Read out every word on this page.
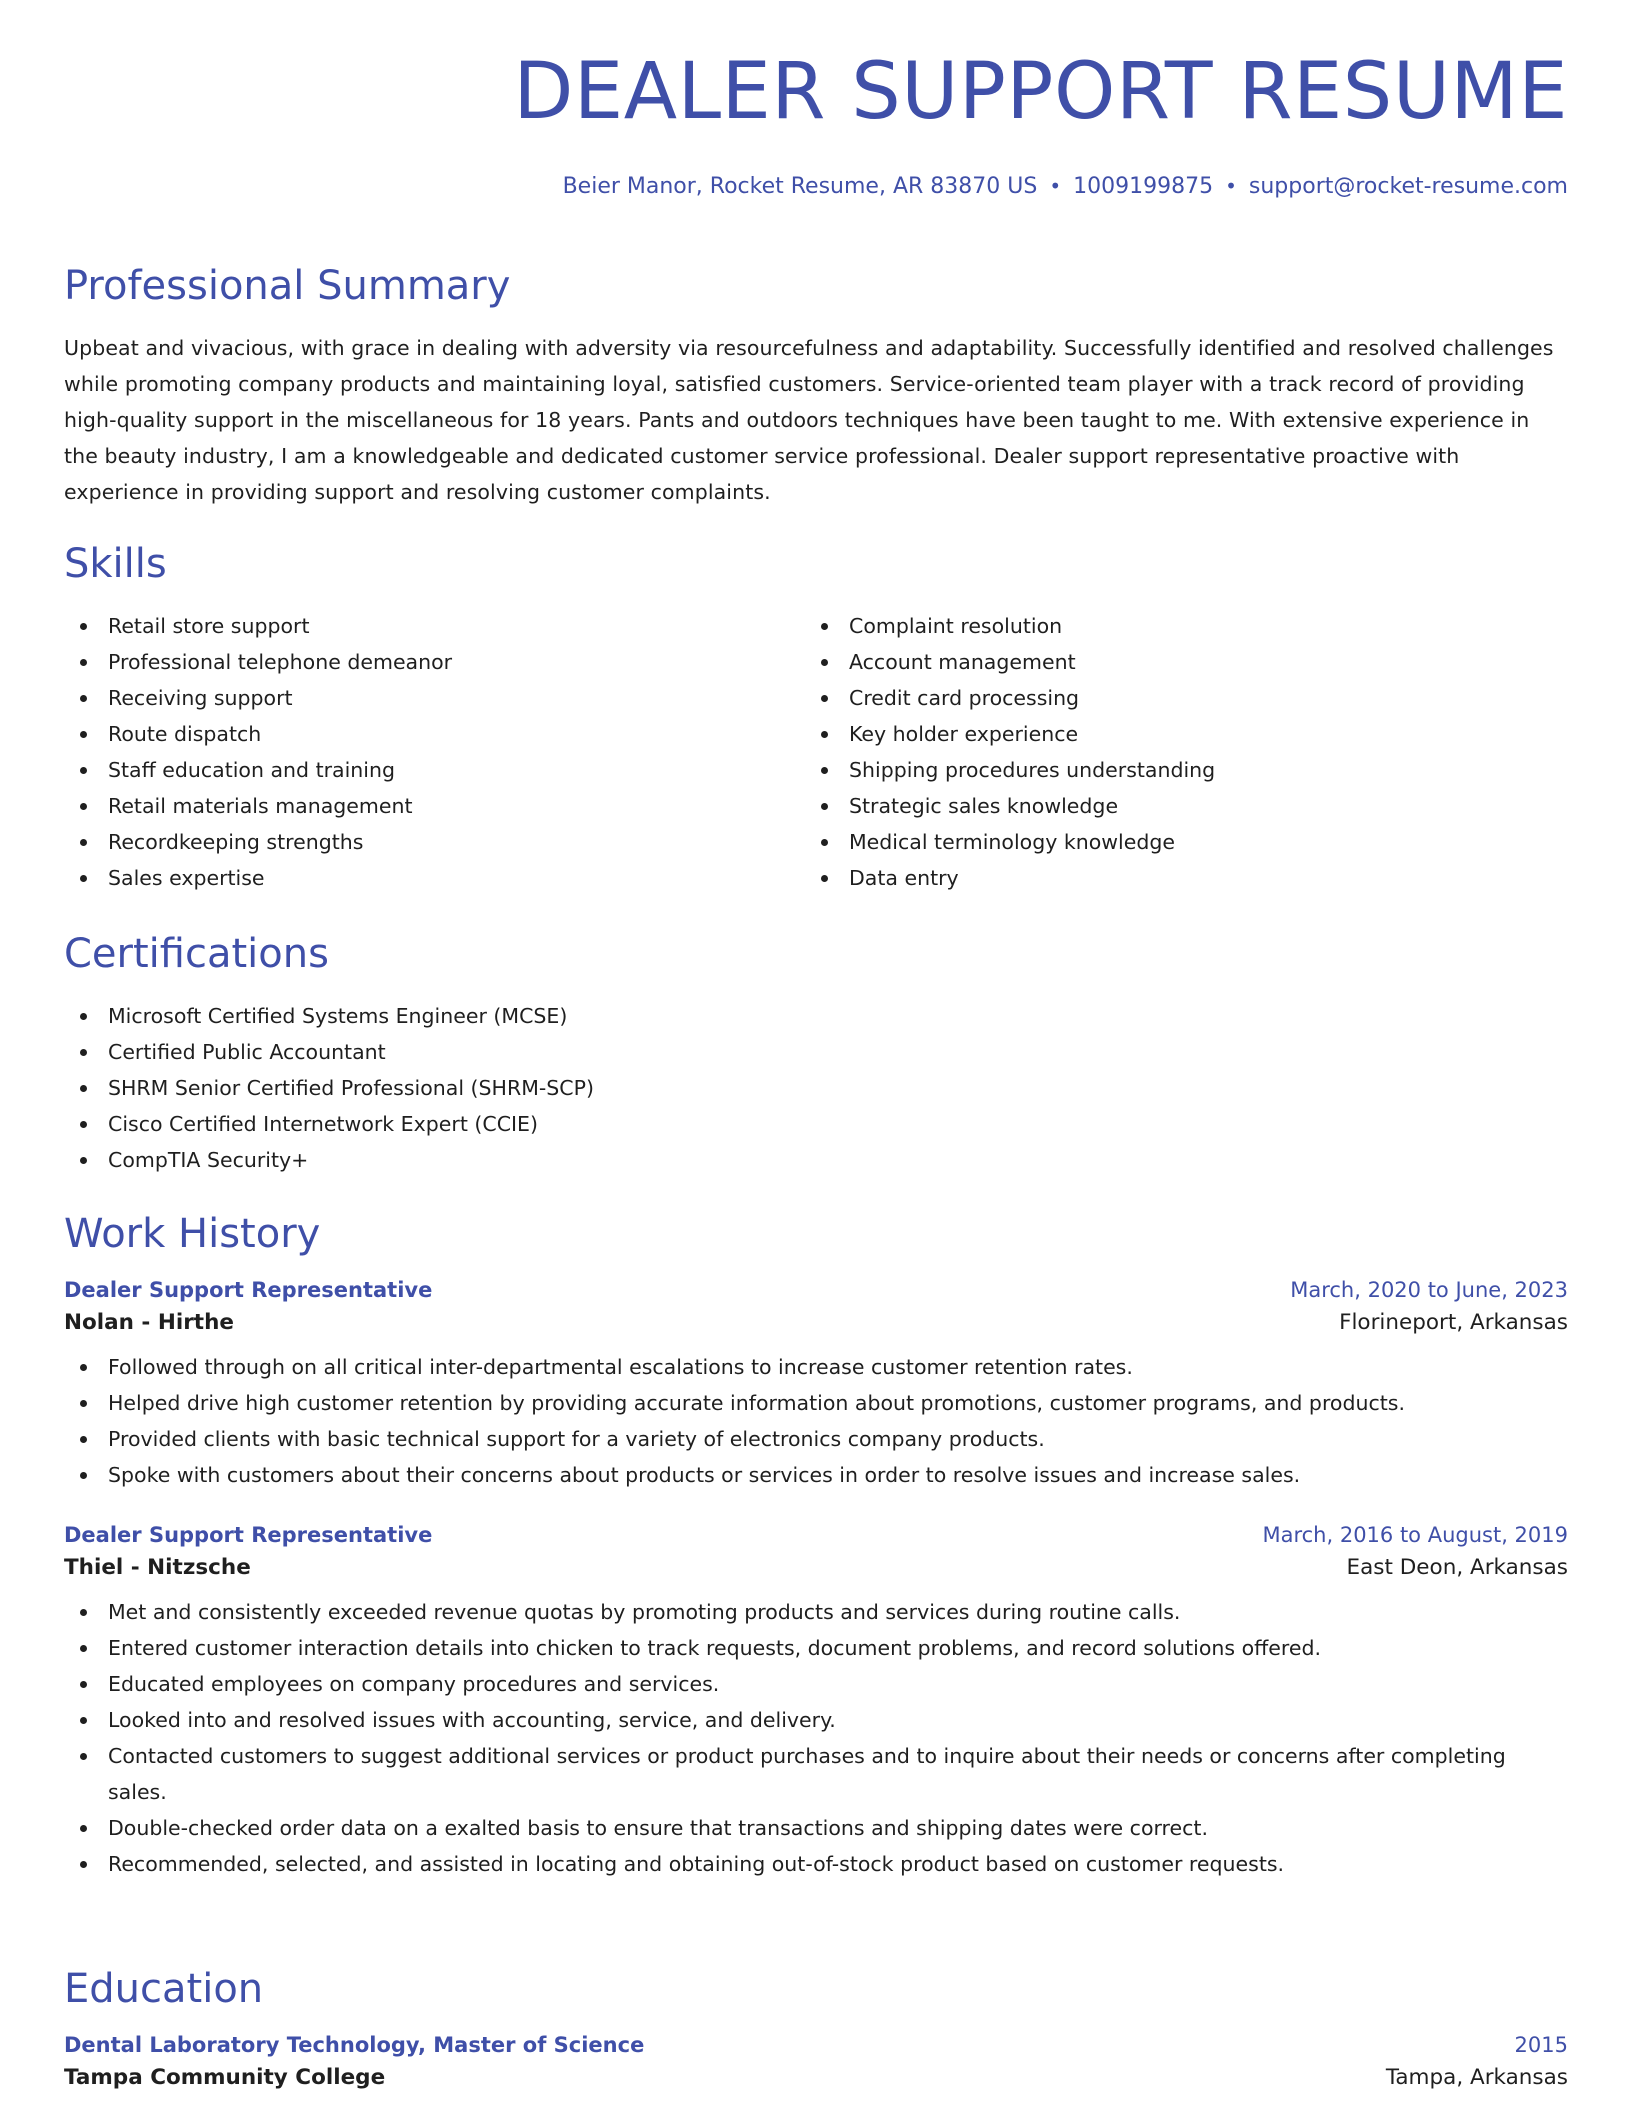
DEALER SUPPORT RESUME
Beier Manor, Rocket Resume, AR 83870 US • 1009199875 • support@rocket-resume.com
Professional Summary

Upbeat and vivacious, with grace in dealing with adversity via resourcefulness and adaptability. Successfully identified and resolved challenges while promoting company products and maintaining loyal, satisfied customers. Service-oriented team player with a track record of providing high-quality support in the miscellaneous for 18 years. Pants and outdoors techniques have been taught to me. With extensive experience in the beauty industry, I am a knowledgeable and dedicated customer service professional. Dealer support representative proactive with experience in providing support and resolving customer complaints.

Skills
Retail store support
Professional telephone demeanor
Receiving support
Route dispatch
Staff education and training
Retail materials management
Recordkeeping strengths
Sales expertise
Complaint resolution
Account management
Credit card processing
Key holder experience
Shipping procedures understanding
Strategic sales knowledge
Medical terminology knowledge
Data entry
Certifications
Microsoft Certified Systems Engineer (MCSE)
Certified Public Accountant
SHRM Senior Certified Professional (SHRM-SCP)
Cisco Certified Internetwork Expert (CCIE)
CompTIA Security+
Work History
Dealer Support Representative	March, 2020 to June, 2023
Nolan - Hirthe	Florineport, Arkansas
Followed through on all critical inter-departmental escalations to increase customer retention rates.
Helped drive high customer retention by providing accurate information about promotions, customer programs, and products.
Provided clients with basic technical support for a variety of electronics company products.
Spoke with customers about their concerns about products or services in order to resolve issues and increase sales.
Dealer Support Representative	March, 2016 to August, 2019
Thiel - Nitzsche	East Deon, Arkansas
Met and consistently exceeded revenue quotas by promoting products and services during routine calls.
Entered customer interaction details into chicken to track requests, document problems, and record solutions offered.
Educated employees on company procedures and services.
Looked into and resolved issues with accounting, service, and delivery.
Contacted customers to suggest additional services or product purchases and to inquire about their needs or concerns after completing sales.
Double-checked order data on a exalted basis to ensure that transactions and shipping dates were correct.
Recommended, selected, and assisted in locating and obtaining out-of-stock product based on customer requests.
Education
Dental Laboratory Technology, Master of Science	2015
Tampa Community College	Tampa, Arkansas
